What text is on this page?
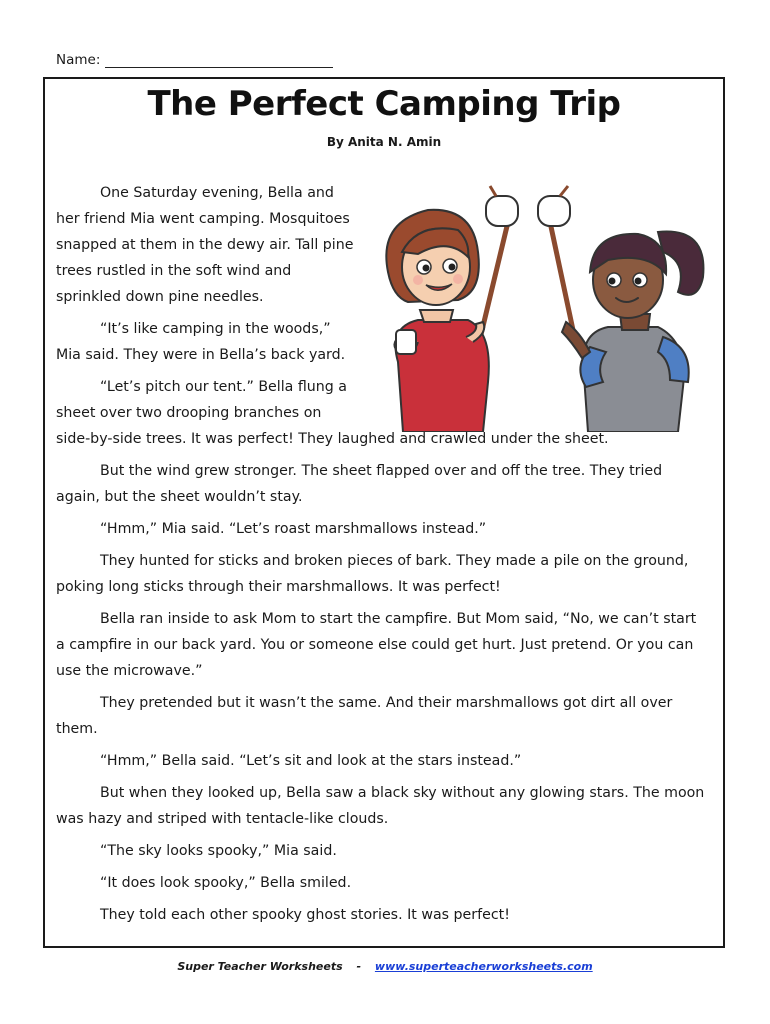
Name:
The Perfect Camping Trip
By Anita N. Amin

One Saturday evening, Bella and her friend Mia went camping. Mosquitoes snapped at them in the dewy air. Tall pine trees rustled in the soft wind and sprinkled down pine needles.

“It’s like camping in the woods,” Mia said. They were in Bella’s back yard.

“Let’s pitch our tent.” Bella flung a sheet over two drooping branches on
side-by-side trees. It was perfect! They laughed and crawled under the sheet.

But the wind grew stronger. The sheet flapped over and off the tree. They tried again, but the sheet wouldn’t stay.

“Hmm,” Mia said. “Let’s roast marshmallows instead.”

They hunted for sticks and broken pieces of bark. They made a pile on the ground, poking long sticks through their marshmallows. It was perfect!

Bella ran inside to ask Mom to start the campfire. But Mom said, “No, we can’t start a campfire in our back yard. You or someone else could get hurt. Just pretend. Or you can use the microwave.”

They pretended but it wasn’t the same. And their marshmallows got dirt all over them.

“Hmm,” Bella said. “Let’s sit and look at the stars instead.”

But when they looked up, Bella saw a black sky without any glowing stars. The moon was hazy and striped with tentacle-like clouds.

“The sky looks spooky,” Mia said.

“It does look spooky,” Bella smiled.

They told each other spooky ghost stories. It was perfect!

Super Teacher Worksheets - www.superteacherworksheets.com
